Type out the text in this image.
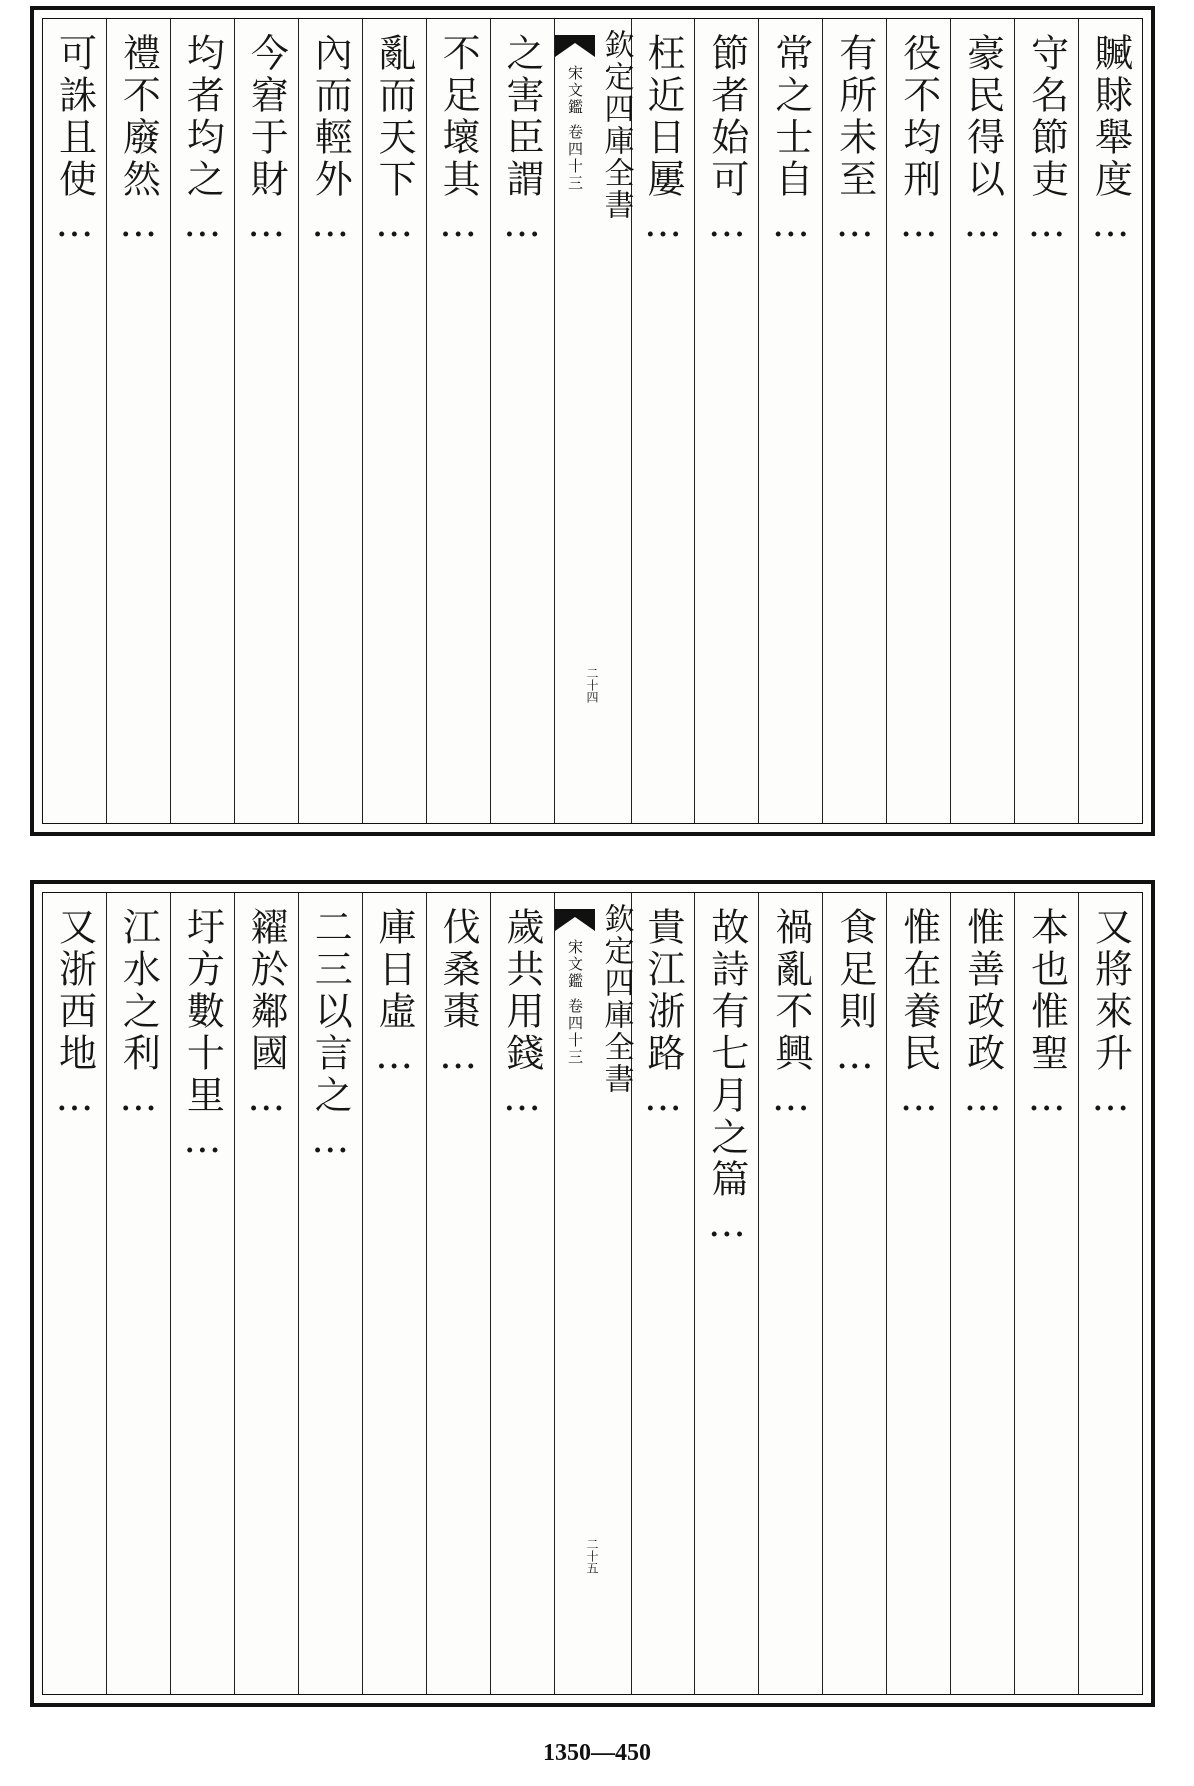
贓賕舉度…
守名節吏…
豪民得以…
役不均刑…
有所未至…
常之士自…
節者始可…
枉近日屢…
欽定四庫全書
宋文鑑
卷四十三
二十四
之害臣謂…
不足壞其…
亂而天下…
內而輕外…
今窘于財…
均者均之…
禮不廢然…
可誅且使…
又將來升…
本也惟聖…
惟善政政…
惟在養民…
食足則…
禍亂不興…
故詩有七月之篇…
貴江浙路…
欽定四庫全書
宋文鑑
卷四十三
二十五
歲共用錢…
伐桑棗…
庫日虛…
二三以言之…
糴於鄰國…
圩方數十里…
江水之利…
又浙西地…
1350—450
